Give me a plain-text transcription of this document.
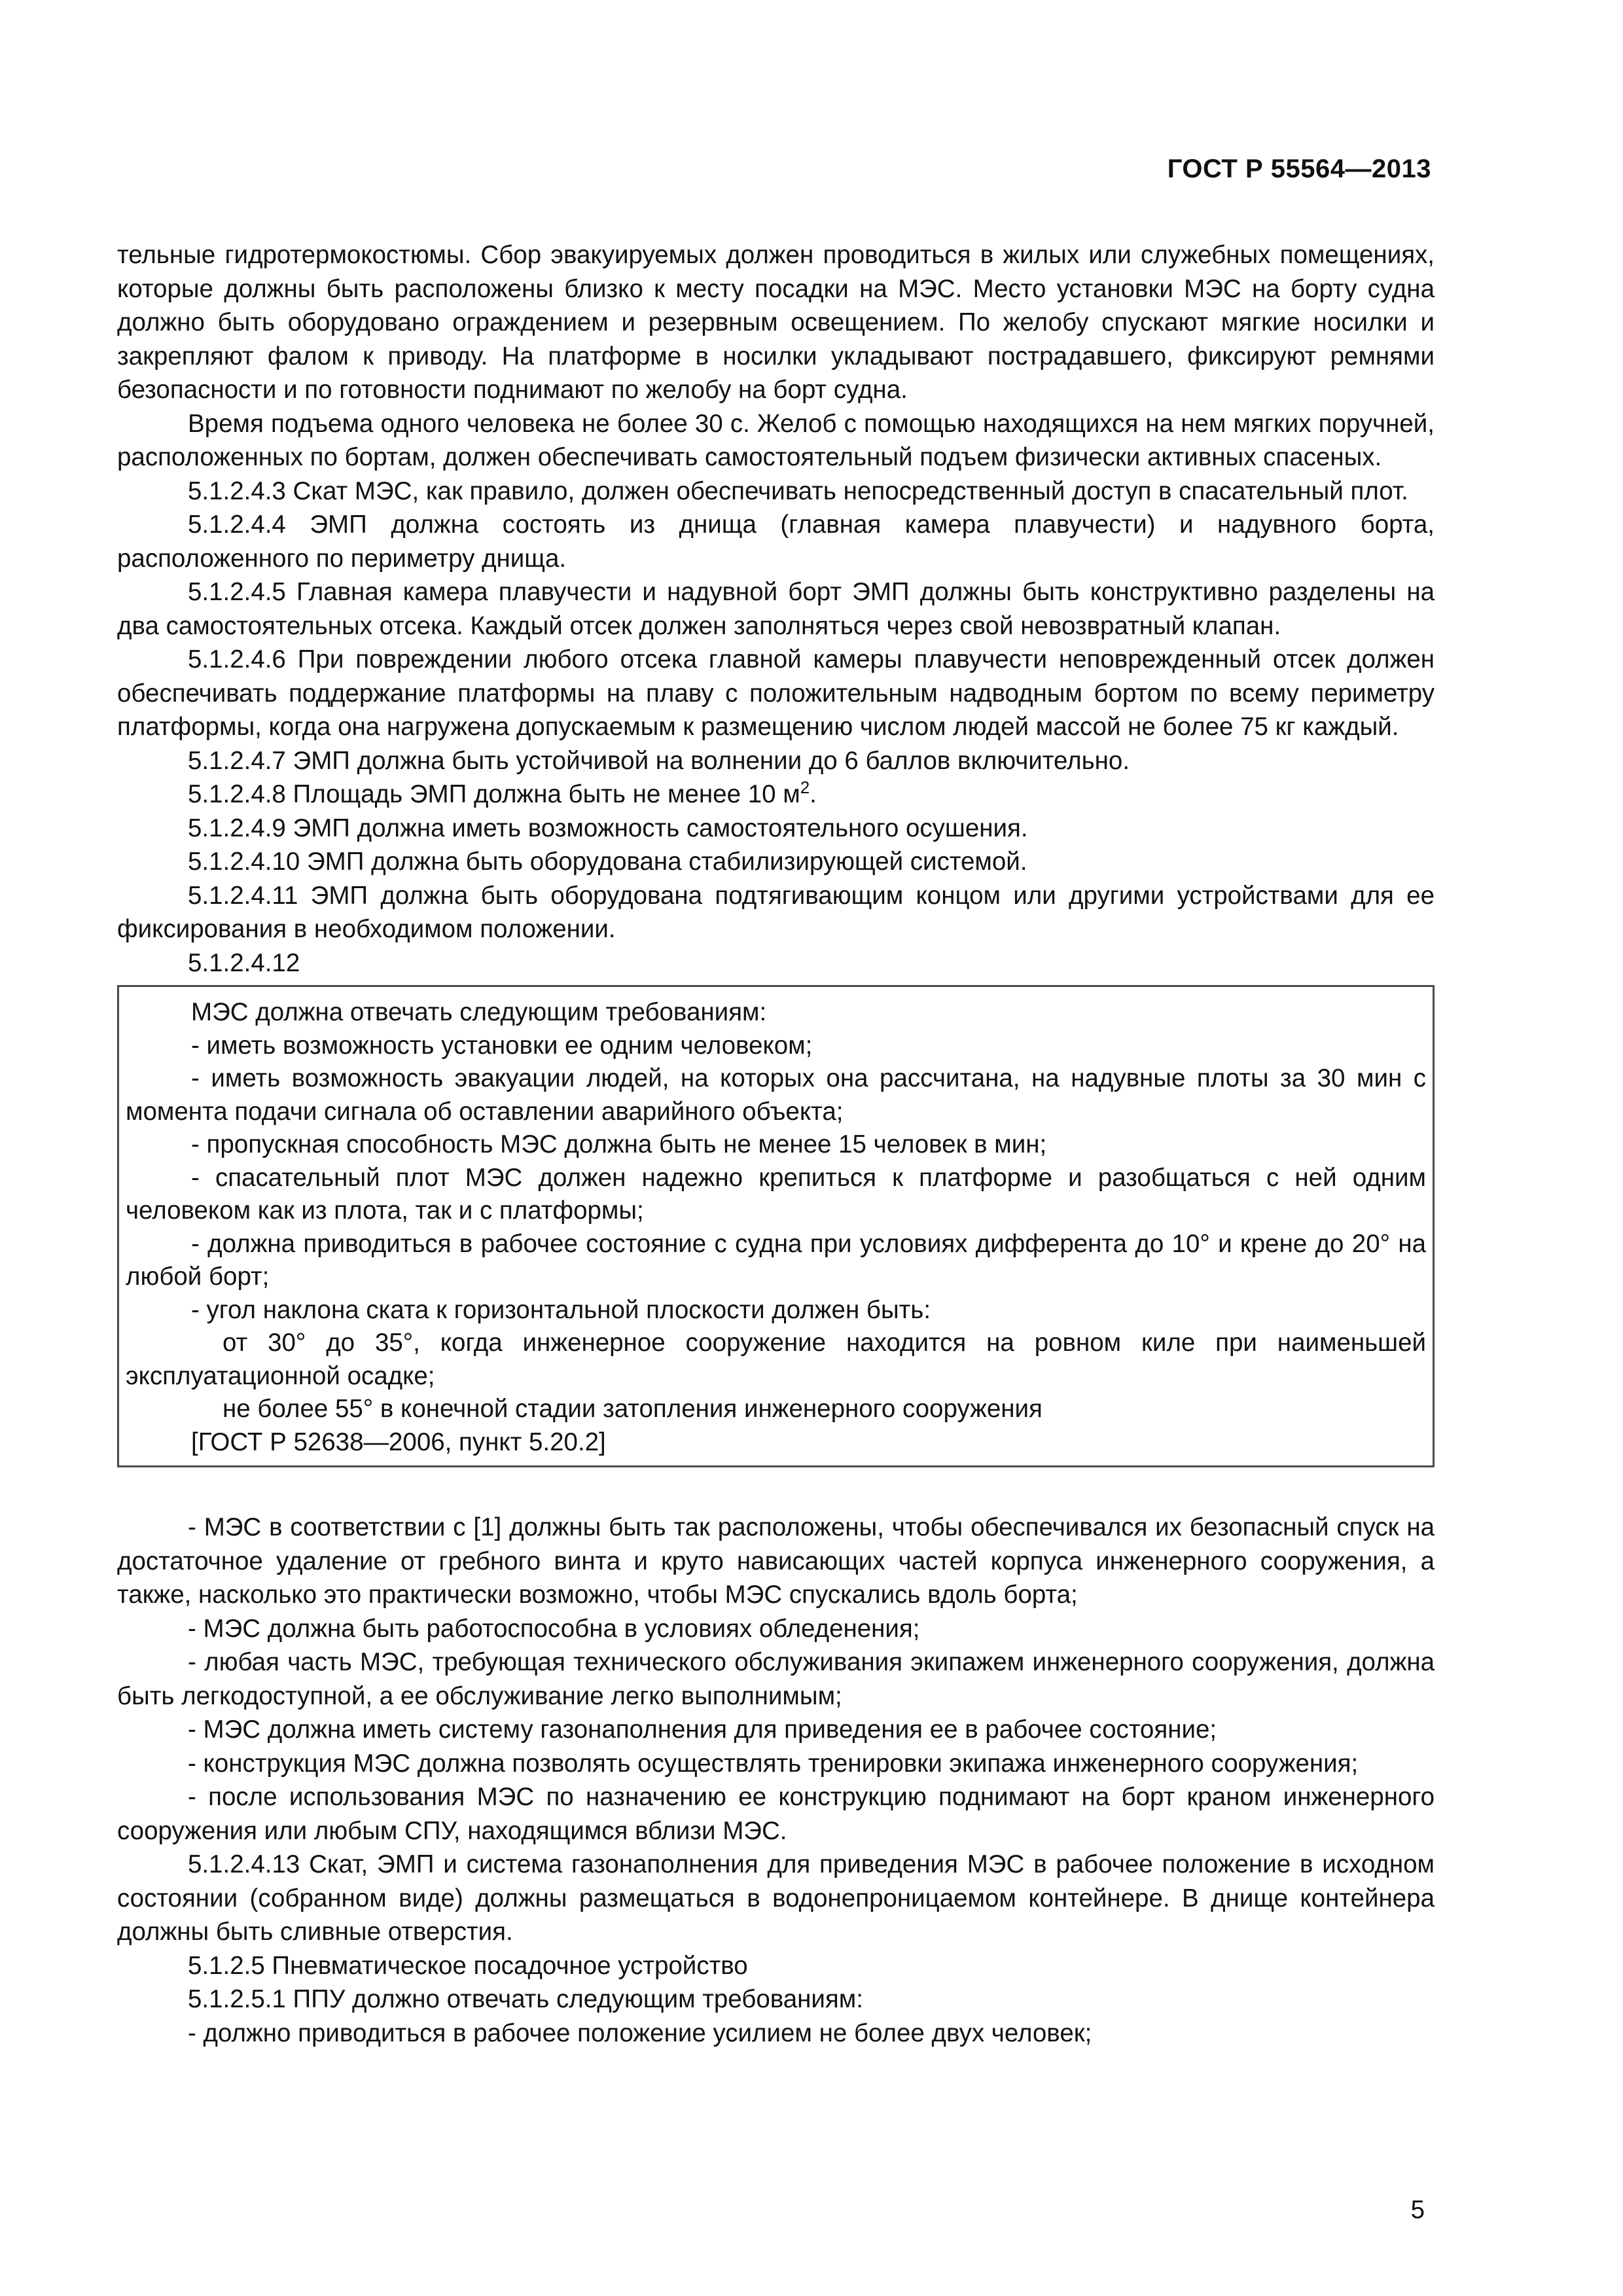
ГОСТ Р 55564—2013

тельные гидротермокостюмы. Сбор эвакуируемых должен проводиться в жилых или служебных помещениях, которые должны быть расположены близко к месту посадки на МЭС. Место установки МЭС на борту судна должно быть оборудовано ограждением и резервным освещением. По желобу спускают мягкие носилки и закрепляют фалом к приводу. На платформе в носилки укладывают пострадавшего, фиксируют ремнями безопасности и по готовности поднимают по желобу на борт судна.

Время подъема одного человека не более 30 с. Желоб с помощью находящихся на нем мягких поручней, расположенных по бортам, должен обеспечивать самостоятельный подъем физически активных спасеных.

5.1.2.4.3 Скат МЭС, как правило, должен обеспечивать непосредственный доступ в спасательный плот.

5.1.2.4.4 ЭМП должна состоять из днища (главная камера плавучести) и надувного борта, расположенного по периметру днища.

5.1.2.4.5 Главная камера плавучести и надувной борт ЭМП должны быть конструктивно разделены на два самостоятельных отсека. Каждый отсек должен заполняться через свой невозвратный клапан.

5.1.2.4.6 При повреждении любого отсека главной камеры плавучести неповрежденный отсек должен обеспечивать поддержание платформы на плаву с положительным надводным бортом по всему периметру платформы, когда она нагружена допускаемым к размещению числом людей массой не более 75 кг каждый.

5.1.2.4.7 ЭМП должна быть устойчивой на волнении до 6 баллов включительно.

5.1.2.4.8 Площадь ЭМП должна быть не менее 10 $м^2$.

5.1.2.4.9 ЭМП должна иметь возможность самостоятельного осушения.

5.1.2.4.10 ЭМП должна быть оборудована стабилизирующей системой.

5.1.2.4.11 ЭМП должна быть оборудована подтягивающим концом или другими устройствами для ее фиксирования в необходимом положении.

5.1.2.4.12

МЭС должна отвечать следующим требованиям:

- иметь возможность установки ее одним человеком;

- иметь возможность эвакуации людей, на которых она рассчитана, на надувные плоты за 30 мин с момента подачи сигнала об оставлении аварийного объекта;

- пропускная способность МЭС должна быть не менее 15 человек в мин;

- спасательный плот МЭС должен надежно крепиться к платформе и разобщаться с ней одним человеком как из плота, так и с платформы;

- должна приводиться в рабочее состояние с судна при условиях дифферента до 10° и крене до 20° на любой борт;

- угол наклона ската к горизонтальной плоскости должен быть:

от 30° до 35°, когда инженерное сооружение находится на ровном киле при наименьшей эксплуатационной осадке;

не более 55° в конечной стадии затопления инженерного сооружения

[ГОСТ Р 52638—2006, пункт 5.20.2]

- МЭС в соответствии с [1] должны быть так расположены, чтобы обеспечивался их безопасный спуск на достаточное удаление от гребного винта и круто нависающих частей корпуса инженерного сооружения, а также, насколько это практически возможно, чтобы МЭС спускались вдоль борта;

- МЭС должна быть работоспособна в условиях обледенения;

- любая часть МЭС, требующая технического обслуживания экипажем инженерного сооружения, должна быть легкодоступной, а ее обслуживание легко выполнимым;

- МЭС должна иметь систему газонаполнения для приведения ее в рабочее состояние;

- конструкция МЭС должна позволять осуществлять тренировки экипажа инженерного сооружения;

- после использования МЭС по назначению ее конструкцию поднимают на борт краном инженерного сооружения или любым СПУ, находящимся вблизи МЭС.

5.1.2.4.13 Скат, ЭМП и система газонаполнения для приведения МЭС в рабочее положение в исходном состоянии (собранном виде) должны размещаться в водонепроницаемом контейнере. В днище контейнера должны быть сливные отверстия.

5.1.2.5 Пневматическое посадочное устройство

5.1.2.5.1 ППУ должно отвечать следующим требованиям:

- должно приводиться в рабочее положение усилием не более двух человек;

5
